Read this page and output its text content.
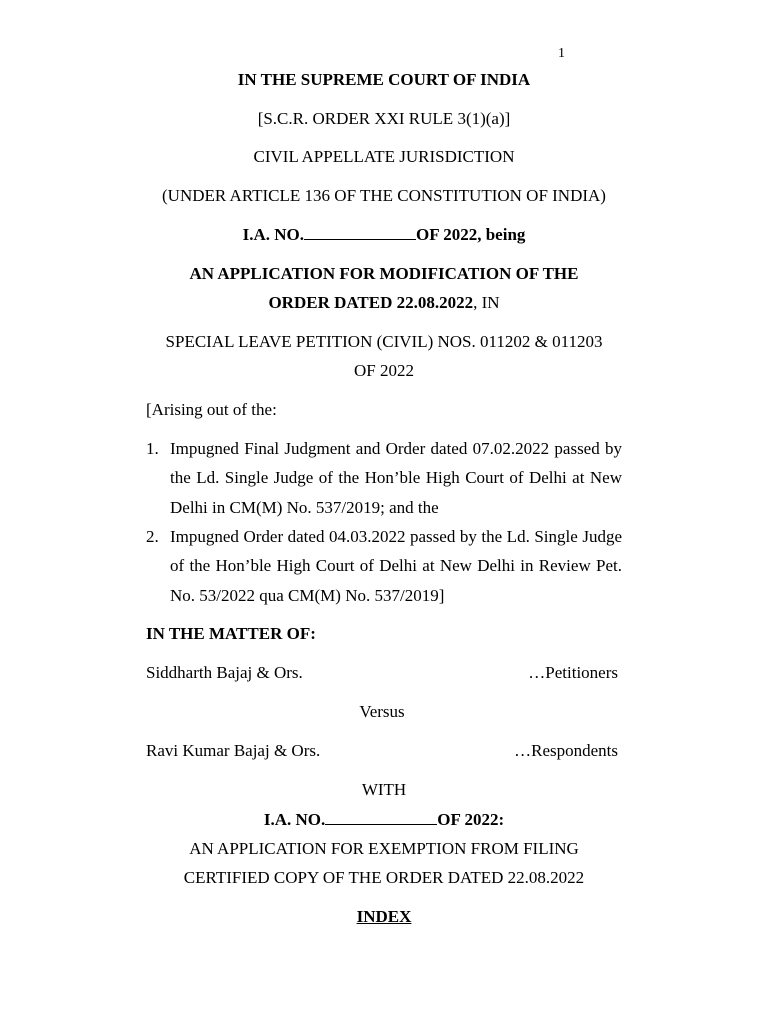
1
IN THE SUPREME COURT OF INDIA
[S.C.R. ORDER XXI RULE 3(1)(a)]
CIVIL APPELLATE JURISDICTION
(UNDER ARTICLE 136 OF THE CONSTITUTION OF INDIA)
I.A. NO.	OF 2022, being
AN APPLICATION FOR MODIFICATION OF THE
ORDER DATED 22.08.2022, IN
SPECIAL LEAVE PETITION (CIVIL) NOS. 011202 & 011203
OF 2022
[Arising out of the:
1. Impugned Final Judgment and Order dated 07.02.2022 passed by the Ld. Single Judge of the Hon’ble High Court of Delhi at New Delhi in CM(M) No. 537/2019; and the
2. Impugned Order dated 04.03.2022 passed by the Ld. Single Judge of the Hon’ble High Court of Delhi at New Delhi in Review Pet. No. 53/2022 qua CM(M) No. 537/2019]
IN THE MATTER OF:
Siddharth Bajaj & Ors.	…Petitioners
Versus
Ravi Kumar Bajaj & Ors.	…Respondents
WITH
I.A. NO.	OF 2022:
AN APPLICATION FOR EXEMPTION FROM FILING
CERTIFIED COPY OF THE ORDER DATED 22.08.2022
INDEX
